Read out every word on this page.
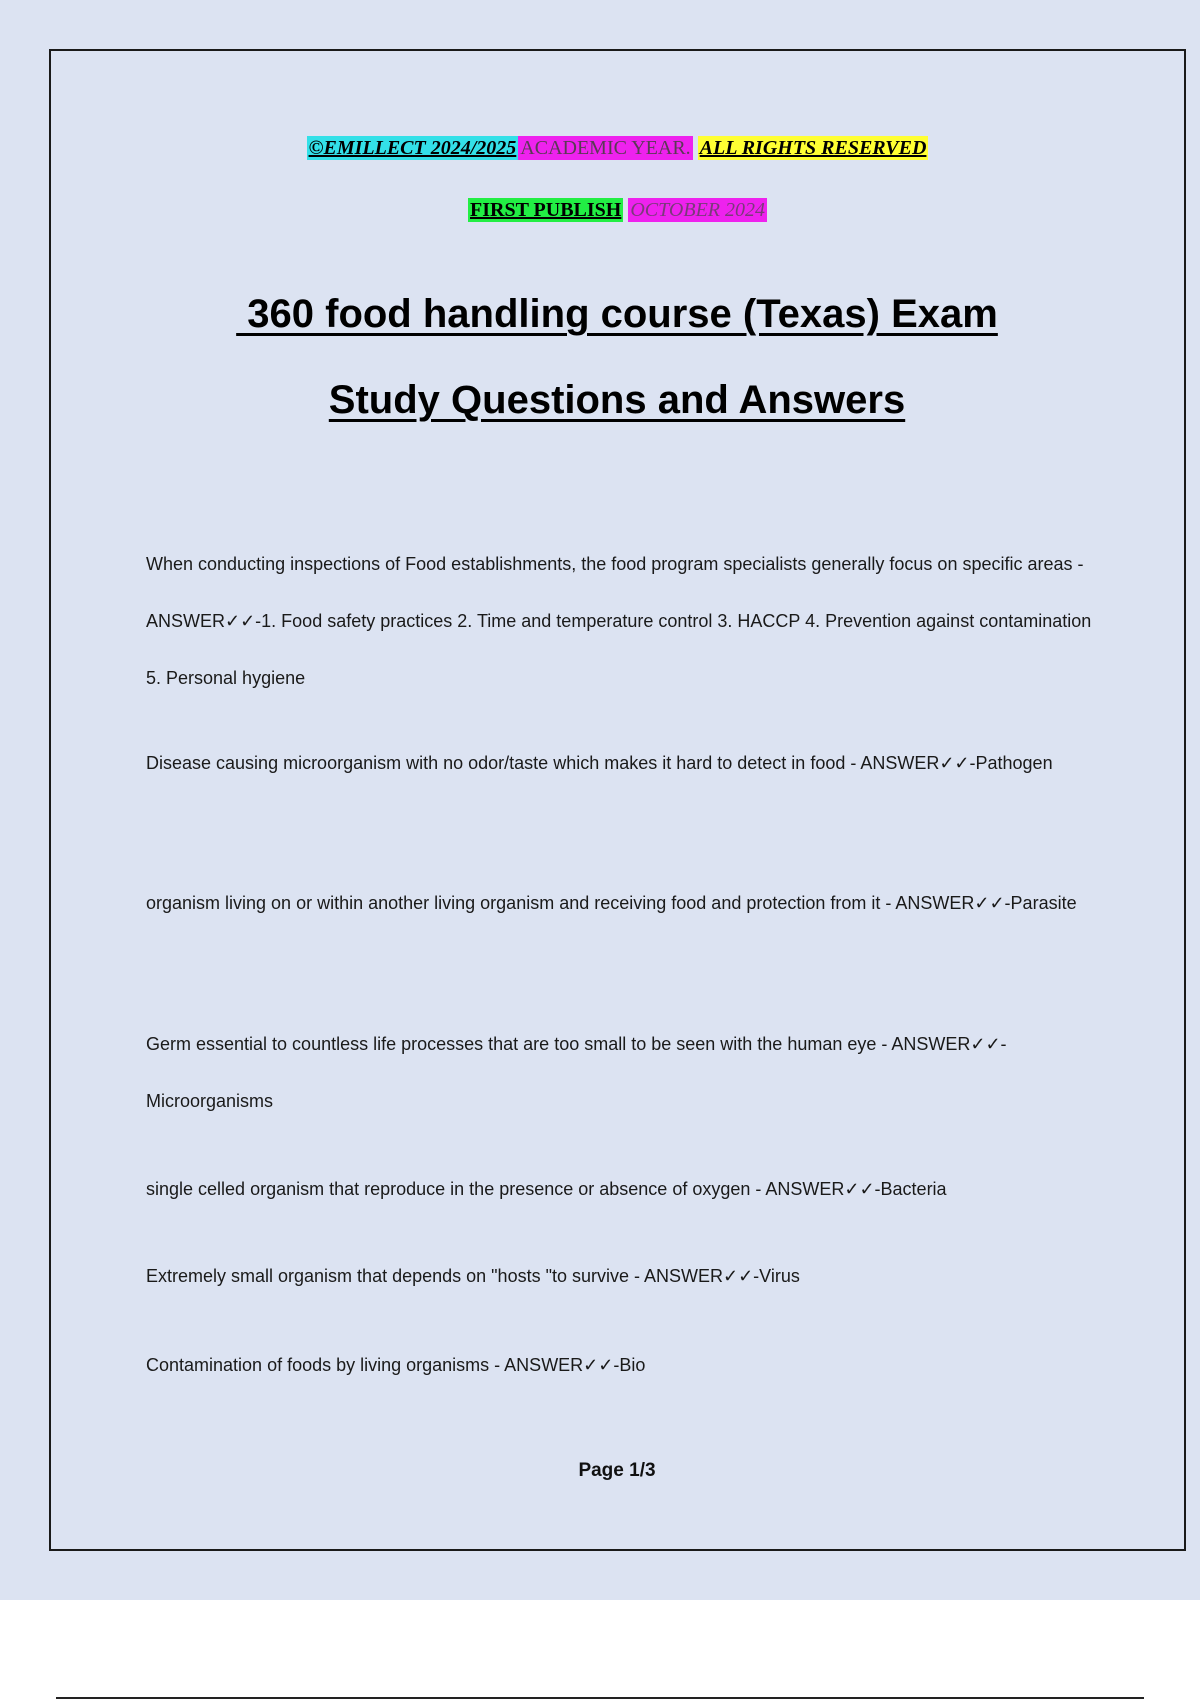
©EMILLECT 2024/2025 ACADEMIC YEAR. ALL RIGHTS RESERVED
FIRST PUBLISH OCTOBER 2024
360 food handling course (Texas) Exam
Study Questions and Answers

When conducting inspections of Food establishments, the food program specialists generally focus on specific areas - ANSWER✓✓-1. Food safety practices 2. Time and temperature control 3. HACCP 4. Prevention against contamination 5. Personal hygiene

Disease causing microorganism with no odor/taste which makes it hard to detect in food - ANSWER✓✓-Pathogen

organism living on or within another living organism and receiving food and protection from it - ANSWER✓✓-Parasite

Germ essential to countless life processes that are too small to be seen with the human eye - ANSWER✓✓-Microorganisms

single celled organism that reproduce in the presence or absence of oxygen - ANSWER✓✓-Bacteria

Extremely small organism that depends on "hosts "to survive - ANSWER✓✓-Virus

Contamination of foods by living organisms - ANSWER✓✓-Bio

Page 1/3
